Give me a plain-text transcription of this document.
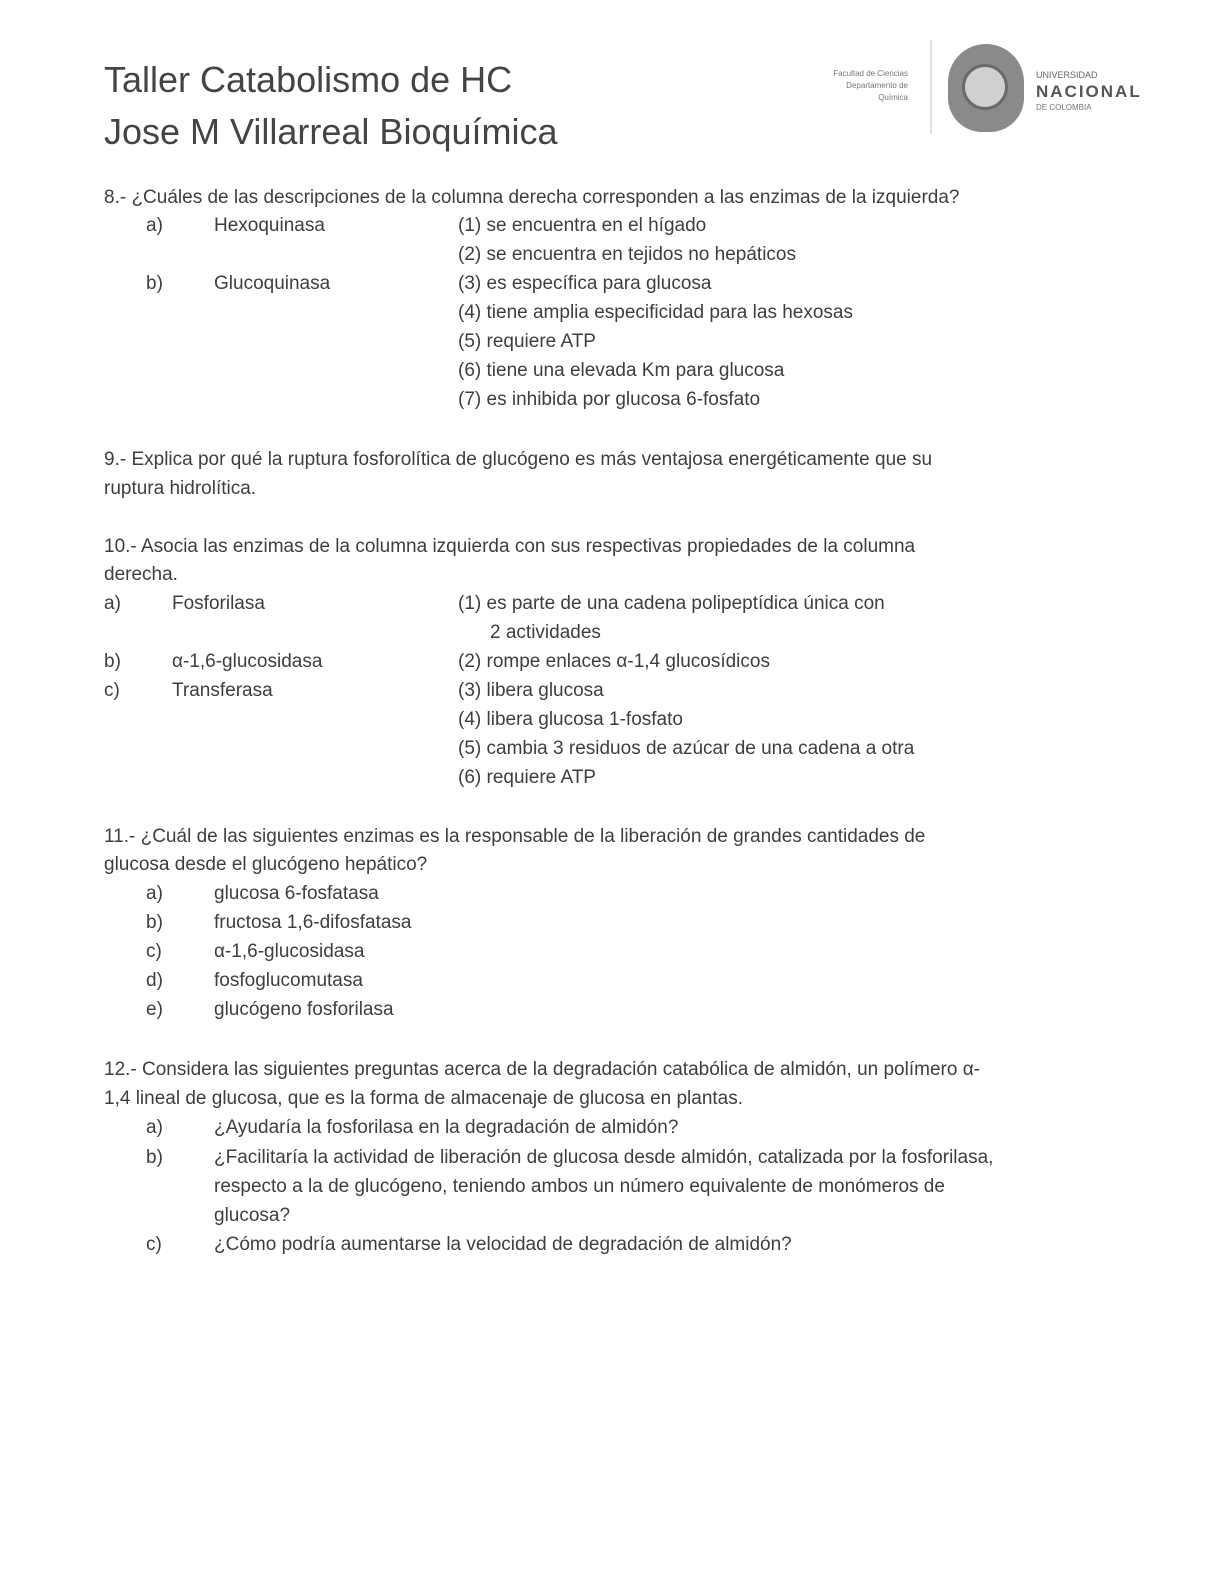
Taller Catabolismo de HC
Jose M Villarreal Bioquímica
Facultad de Ciencias
Departamento de
Química
UNIVERSIDAD
NACIONAL
DE COLOMBIA
8.- ¿Cuáles de las descripciones de la columna derecha corresponden a las enzimas de la izquierda?
a)	Hexoquinasa
b)	Glucoquinasa
(1) se encuentra en el hígado
(2) se encuentra en tejidos no hepáticos
(3) es específica para glucosa
(4) tiene amplia especificidad para las hexosas
(5) requiere ATP
(6) tiene una elevada Km para glucosa
(7) es inhibida por glucosa 6-fosfato
9.- Explica por qué la ruptura fosforolítica de glucógeno es más ventajosa energéticamente que su
ruptura hidrolítica.
10.- Asocia las enzimas de la columna izquierda con sus respectivas propiedades de la columna
derecha.
a)	Fosforilasa
b)	α-1,6-glucosidasa
c)	Transferasa
(1) es parte de una cadena polipeptídica única con
2 actividades
(2) rompe enlaces α-1,4 glucosídicos
(3) libera glucosa
(4) libera glucosa 1-fosfato
(5) cambia 3 residuos de azúcar de una cadena a otra
(6) requiere ATP
11.- ¿Cuál de las siguientes enzimas es la responsable de la liberación de grandes cantidades de
glucosa desde el glucógeno hepático?
a)	glucosa 6-fosfatasa
b)	fructosa 1,6-difosfatasa
c)	α-1,6-glucosidasa
d)	fosfoglucomutasa
e)	glucógeno fosforilasa
12.- Considera las siguientes preguntas acerca de la degradación catabólica de almidón, un polímero α-
1,4 lineal de glucosa, que es la forma de almacenaje de glucosa en plantas.
a)	¿Ayudaría la fosforilasa en la degradación de almidón?
b)	¿Facilitaría la actividad de liberación de glucosa desde almidón, catalizada por la fosforilasa,
respecto a la de glucógeno, teniendo ambos un número equivalente de monómeros de
glucosa?
c)	¿Cómo podría aumentarse la velocidad de degradación de almidón?
